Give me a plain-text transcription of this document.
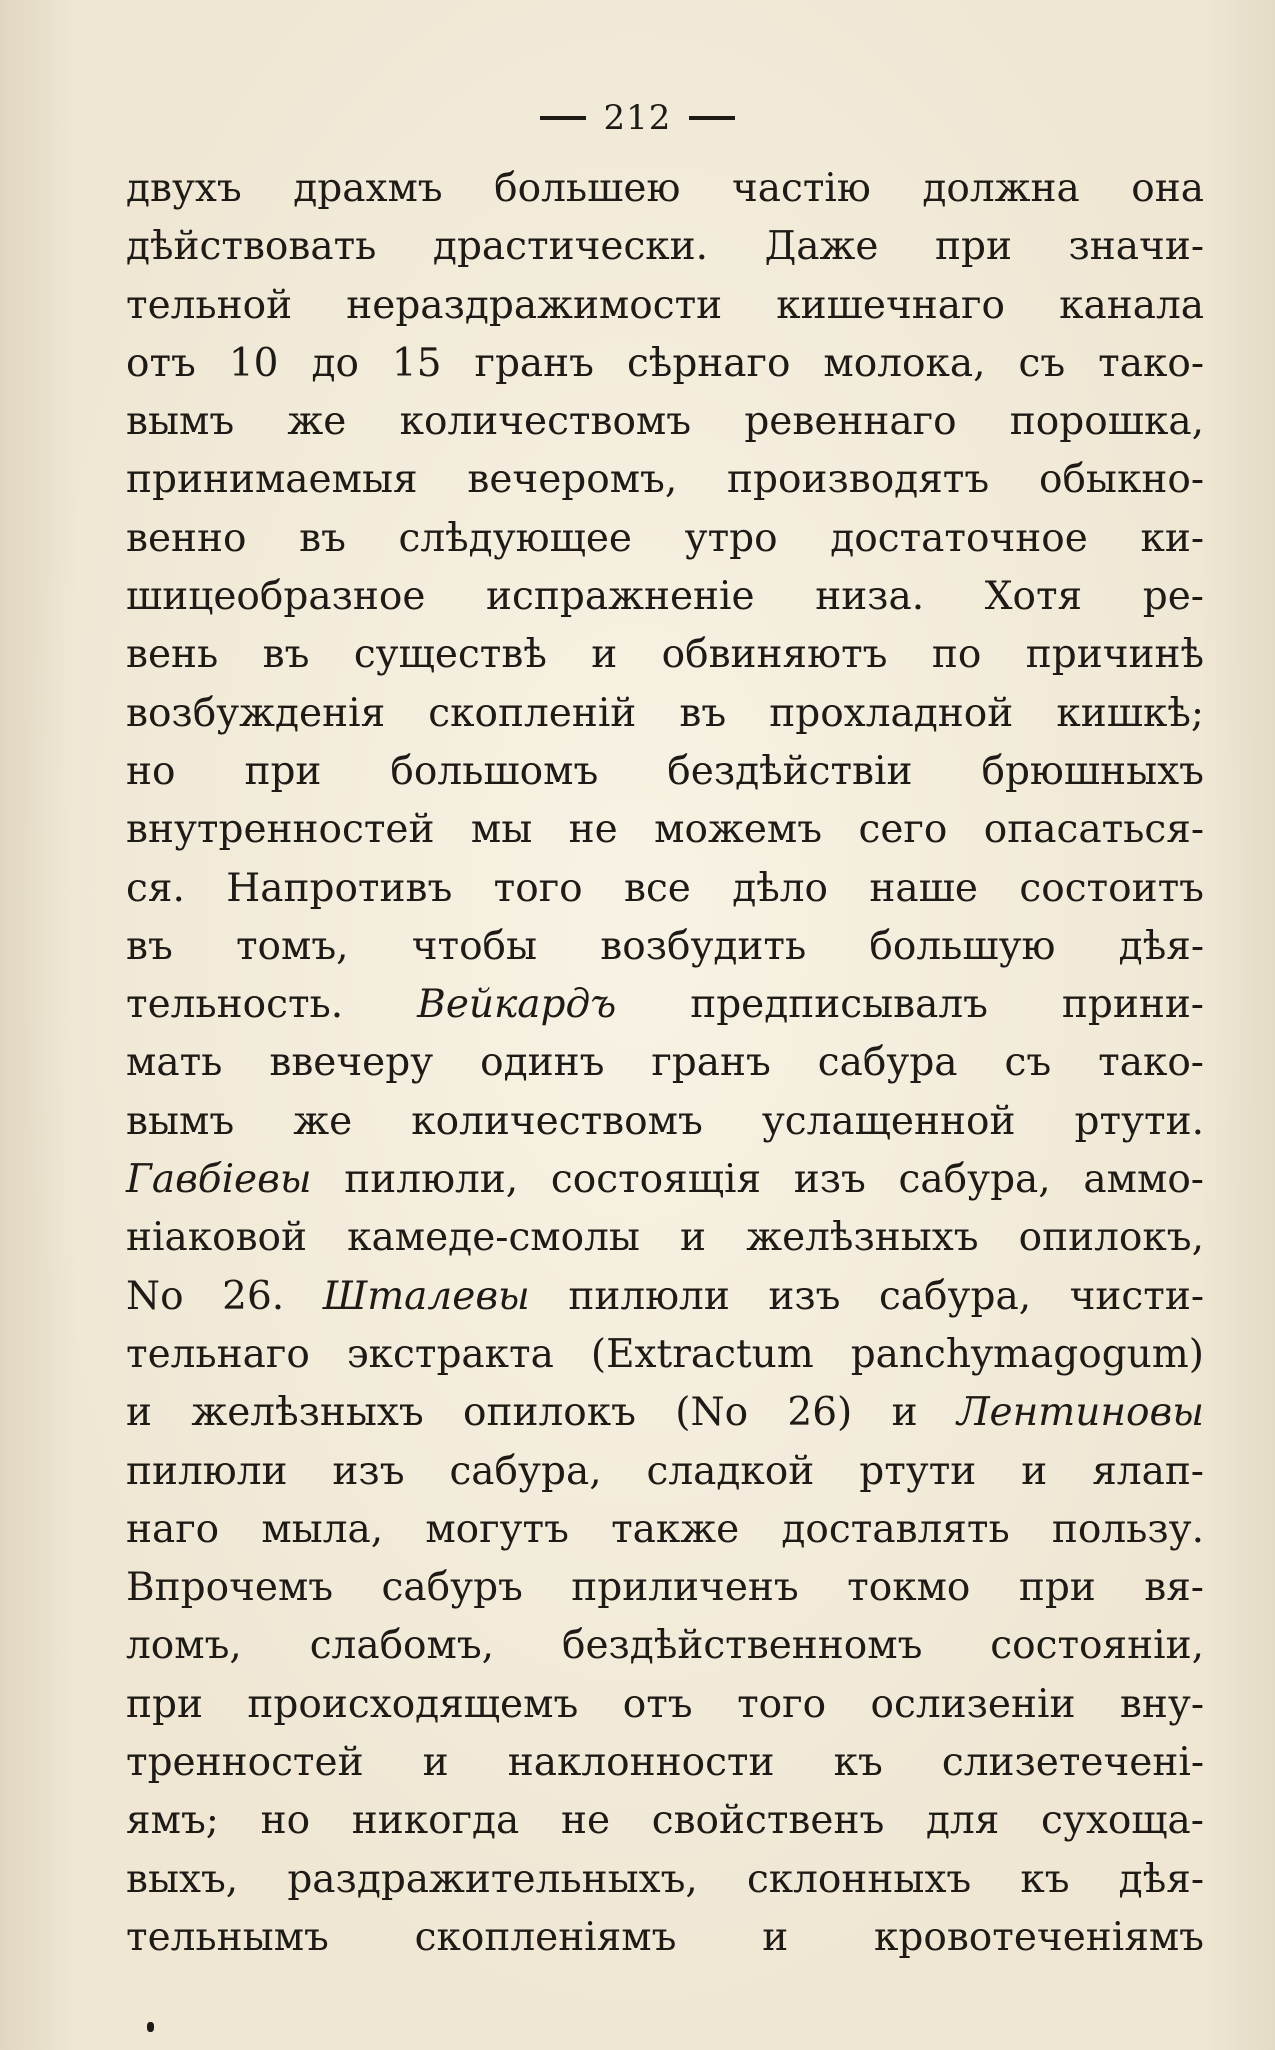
212
двухъ драхмъ большею частію должна она
дѣйствовать драстически. Даже при значи-
тельной нераздражимости кишечнаго канала
отъ 10 до 15 гранъ сѣрнаго молока, съ тако-
вымъ же количествомъ ревеннаго порошка,
принимаемыя вечеромъ, производятъ обыкно-
венно въ слѣдующее утро достаточное ки-
шицеобразное испражненіе низа. Хотя ре-
вень въ существѣ и обвиняютъ по причинѣ
возбужденія скопленій въ прохладной кишкѣ;
но при большомъ бездѣйствіи брюшныхъ
внутренностей мы не можемъ сего опасаться-
ся. Напротивъ того все дѣло наше состоитъ
въ томъ, чтобы возбудить большую дѣя-
тельность. Вейкардъ предписывалъ прини-
мать ввечеру одинъ гранъ сабура съ тако-
вымъ же количествомъ услащенной ртути.
Гавбіевы пилюли, состоящія изъ сабура, аммо-
ніаковой камеде-смолы и желѣзныхъ опилокъ,
No 26. Шталевы пилюли изъ сабура, чисти-
тельнаго экстракта (Extractum panchymagogum)
и желѣзныхъ опилокъ (No 26) и Лентиновы
пилюли изъ сабура, сладкой ртути и ялап-
наго мыла, могутъ также доставлять пользу.
Впрочемъ сабуръ приличенъ токмо при вя-
ломъ, слабомъ, бездѣйственномъ состояніи,
при происходящемъ отъ того ослизеніи вну-
тренностей и наклонности къ слизетечені-
ямъ; но никогда не свойственъ для сухоща-
выхъ, раздражительныхъ, склонныхъ къ дѣя-
тельнымъ скопленіямъ и кровотеченіямъ
